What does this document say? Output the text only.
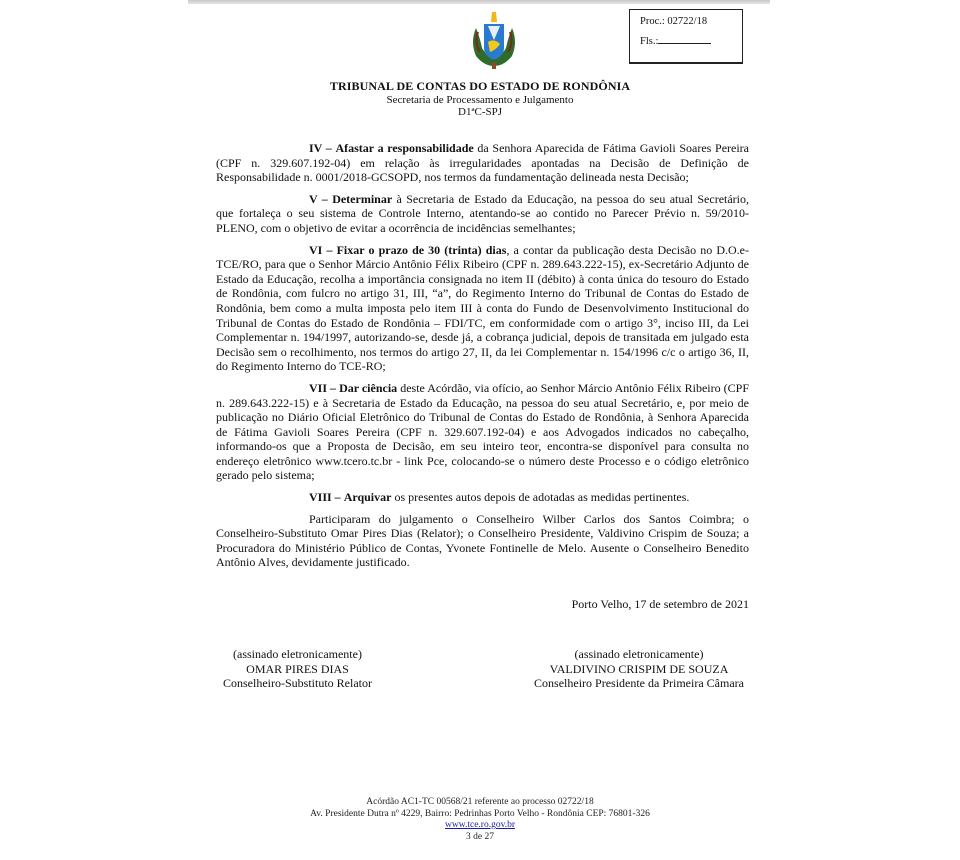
Proc.: 02722/18
Fls.:
TRIBUNAL DE CONTAS DO ESTADO DE RONDÔNIA
Secretaria de Processamento e Julgamento
D1ªC-SPJ

IV – Afastar a responsabilidade da Senhora Aparecida de Fátima Gavioli Soares Pereira (CPF n. 329.607.192-04) em relação às irregularidades apontadas na Decisão de Definição de Responsabilidade n. 0001/2018-GCSOPD, nos termos da fundamentação delineada nesta Decisão;

V – Determinar à Secretaria de Estado da Educação, na pessoa do seu atual Secretário, que fortaleça o seu sistema de Controle Interno, atentando-se ao contido no Parecer Prévio n. 59/2010-PLENO, com o objetivo de evitar a ocorrência de incidências semelhantes;

VI – Fixar o prazo de 30 (trinta) dias, a contar da publicação desta Decisão no D.O.e-TCE/RO, para que o Senhor Márcio Antônio Félix Ribeiro (CPF n. 289.643.222-15), ex-Secretário Adjunto de Estado da Educação, recolha a importância consignada no item II (débito) à conta única do tesouro do Estado de Rondônia, com fulcro no artigo 31, III, “a”, do Regimento Interno do Tribunal de Contas do Estado de Rondônia, bem como a multa imposta pelo item III à conta do Fundo de Desenvolvimento Institucional do Tribunal de Contas do Estado de Rondônia – FDI/TC, em conformidade com o artigo 3°, inciso III, da Lei Complementar n. 194/1997, autorizando-se, desde já, a cobrança judicial, depois de transitada em julgado esta Decisão sem o recolhimento, nos termos do artigo 27, II, da lei Complementar n. 154/1996 c/c o artigo 36, II, do Regimento Interno do TCE-RO;

VII – Dar ciência deste Acórdão, via ofício, ao Senhor Márcio Antônio Félix Ribeiro (CPF n. 289.643.222-15) e à Secretaria de Estado da Educação, na pessoa do seu atual Secretário, e, por meio de publicação no Diário Oficial Eletrônico do Tribunal de Contas do Estado de Rondônia, à Senhora Aparecida de Fátima Gavioli Soares Pereira (CPF n. 329.607.192-04) e aos Advogados indicados no cabeçalho, informando-os que a Proposta de Decisão, em seu inteiro teor, encontra-se disponível para consulta no endereço eletrônico www.tcero.tc.br - link Pce, colocando-se o número deste Processo e o código eletrônico gerado pelo sistema;

VIII – Arquivar os presentes autos depois de adotadas as medidas pertinentes.

Participaram do julgamento o Conselheiro Wilber Carlos dos Santos Coimbra; o Conselheiro-Substituto Omar Pires Dias (Relator); o Conselheiro Presidente, Valdivino Crispim de Souza; a Procuradora do Ministério Público de Contas, Yvonete Fontinelle de Melo. Ausente o Conselheiro Benedito Antônio Alves, devidamente justificado.

Porto Velho, 17 de setembro de 2021
(assinado eletronicamente)
OMAR PIRES DIAS
Conselheiro-Substituto Relator
(assinado eletronicamente)
VALDIVINO CRISPIM DE SOUZA
Conselheiro Presidente da Primeira Câmara
Acórdão AC1-TC 00568/21 referente ao processo 02722/18
Av. Presidente Dutra nº 4229, Bairro: Pedrinhas Porto Velho - Rondônia CEP: 76801-326
www.tce.ro.gov.br
3 de 27
